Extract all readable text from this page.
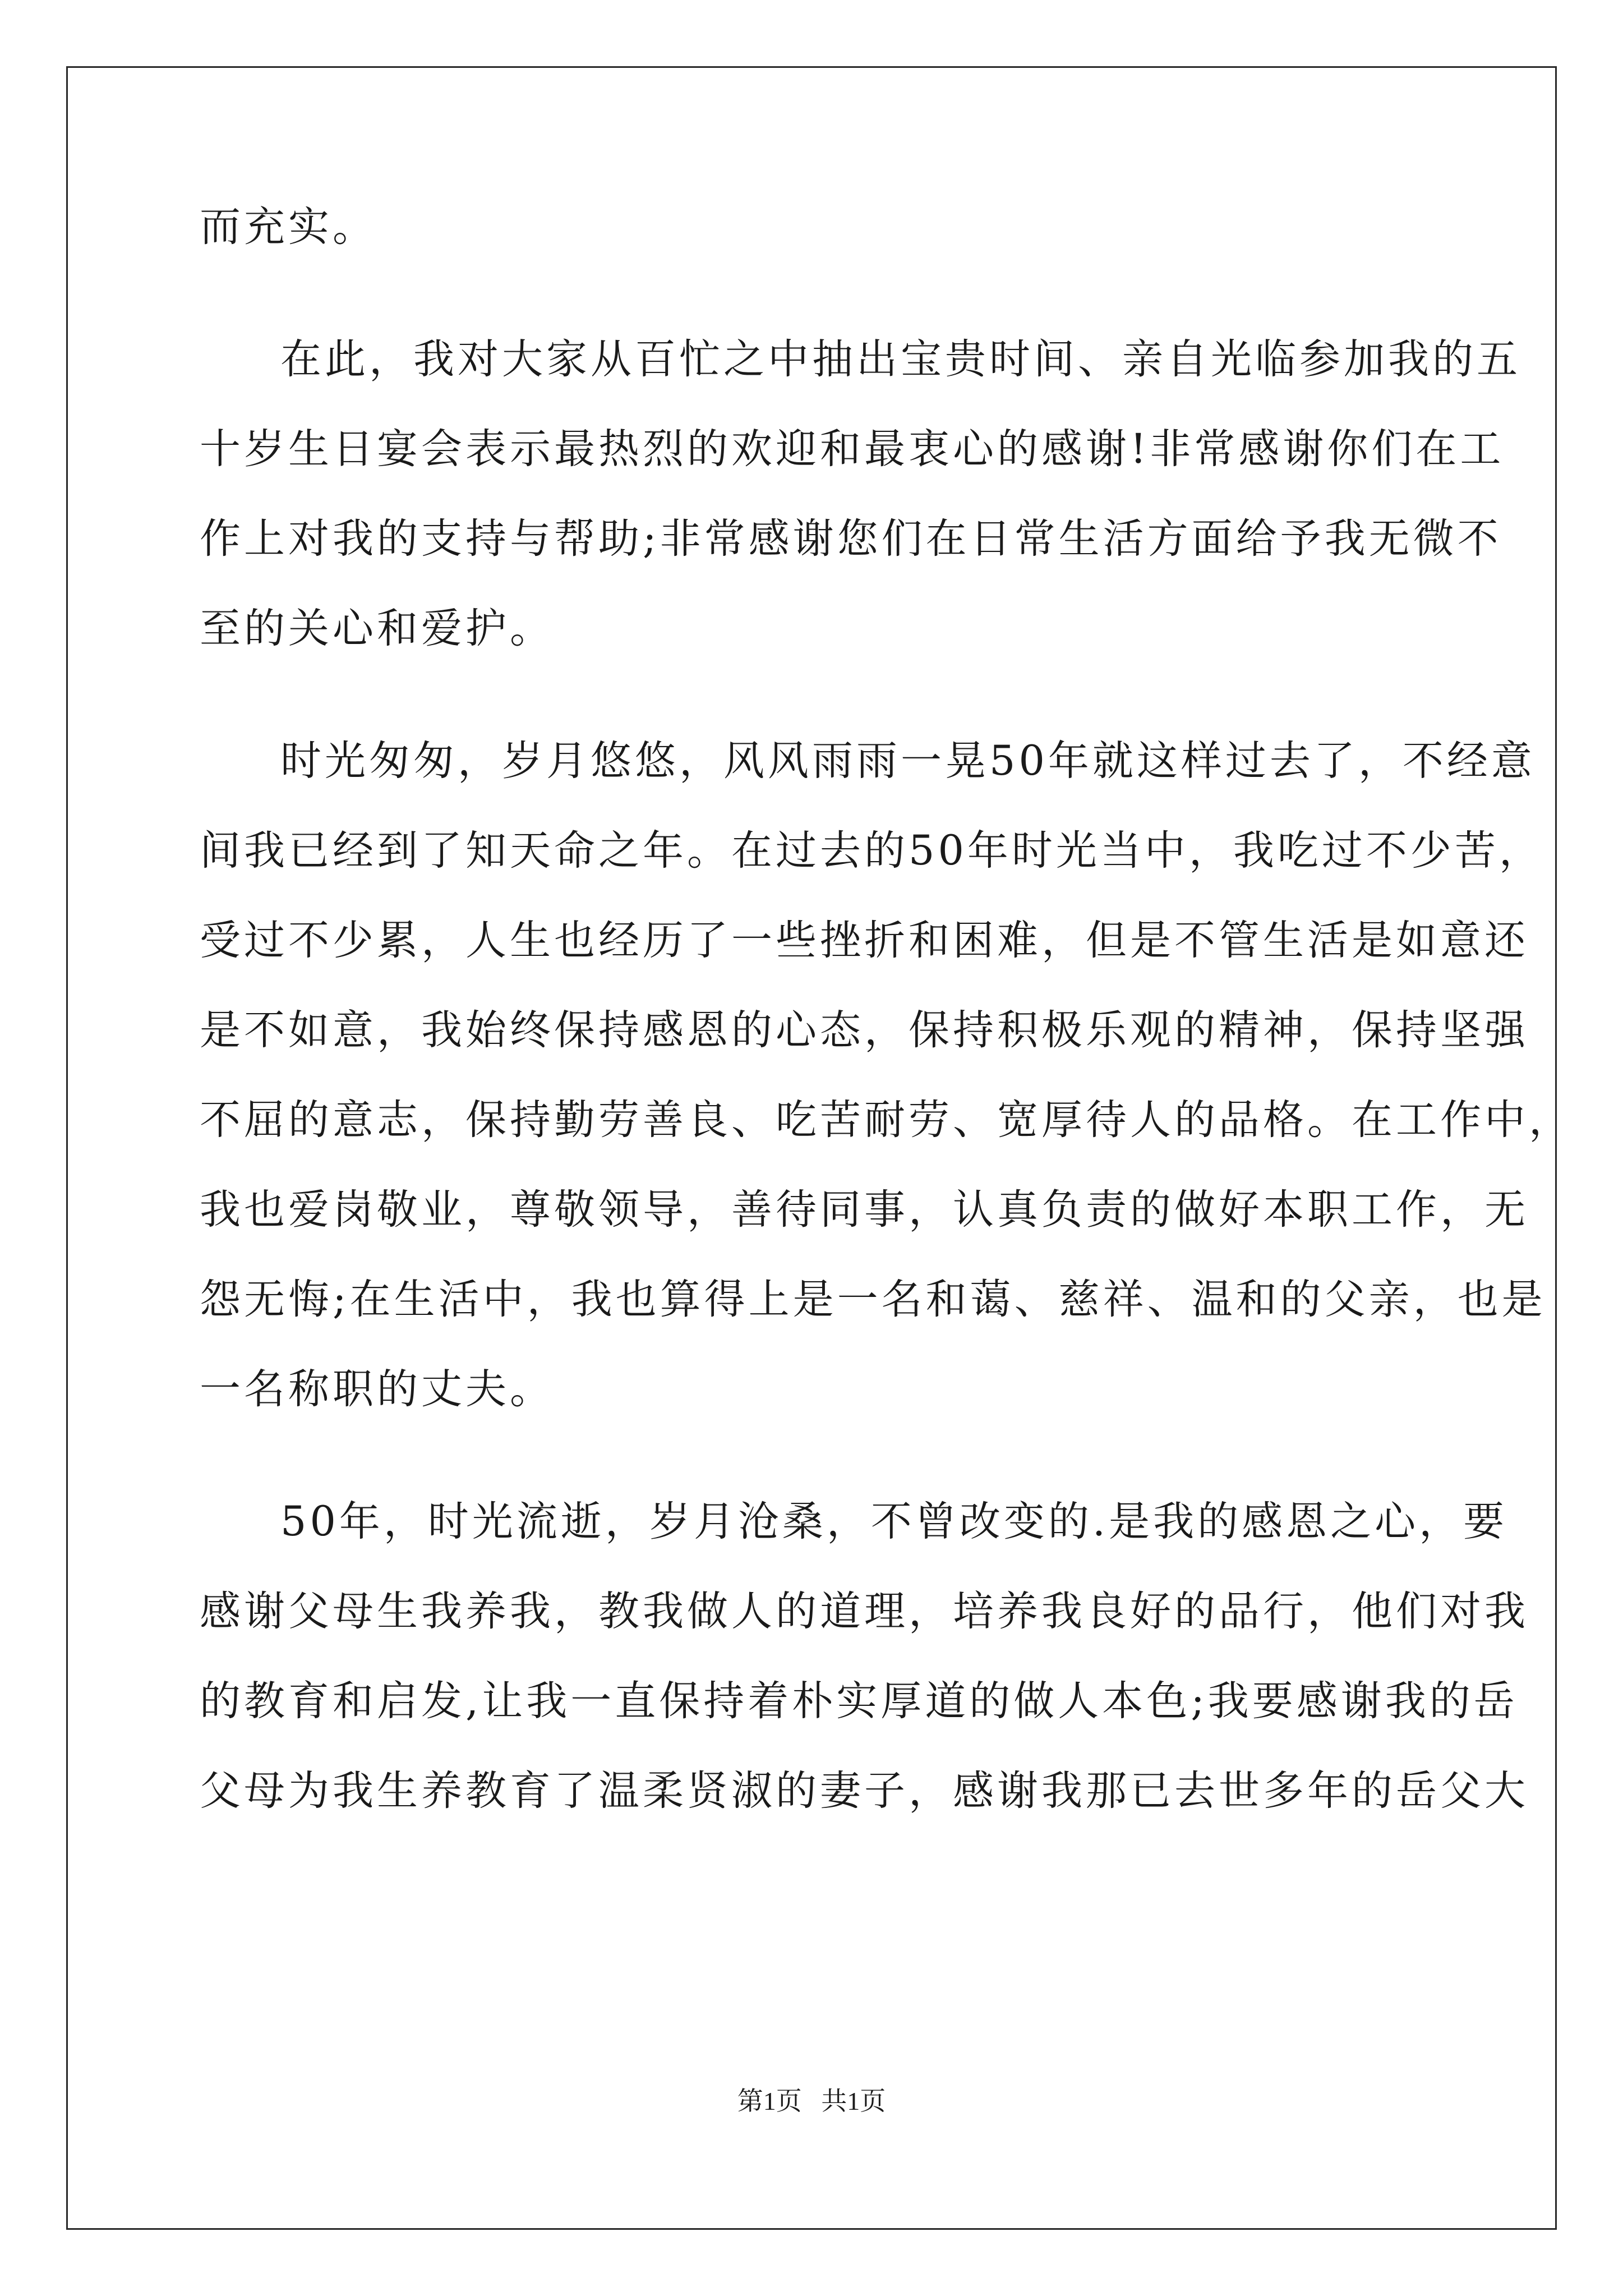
而充实。
在此，我对大家从百忙之中抽出宝贵时间、亲自光临参加我的五
十岁生日宴会表示最热烈的欢迎和最衷心的感谢!非常感谢你们在工
作上对我的支持与帮助;非常感谢您们在日常生活方面给予我无微不
至的关心和爱护。
时光匆匆，岁月悠悠，风风雨雨一晃50年就这样过去了，不经意
间我已经到了知天命之年。在过去的50年时光当中，我吃过不少苦，
受过不少累，人生也经历了一些挫折和困难，但是不管生活是如意还
是不如意，我始终保持感恩的心态，保持积极乐观的精神，保持坚强
不屈的意志，保持勤劳善良、吃苦耐劳、宽厚待人的品格。在工作中，
我也爱岗敬业，尊敬领导，善待同事，认真负责的做好本职工作，无
怨无悔;在生活中，我也算得上是一名和蔼、慈祥、温和的父亲，也是
一名称职的丈夫。
50年，时光流逝，岁月沧桑，不曾改变的.是我的感恩之心，要
感谢父母生我养我，教我做人的道理，培养我良好的品行，他们对我
的教育和启发,让我一直保持着朴实厚道的做人本色;我要感谢我的岳
父母为我生养教育了温柔贤淑的妻子，感谢我那已去世多年的岳父大
第1页   共1页
